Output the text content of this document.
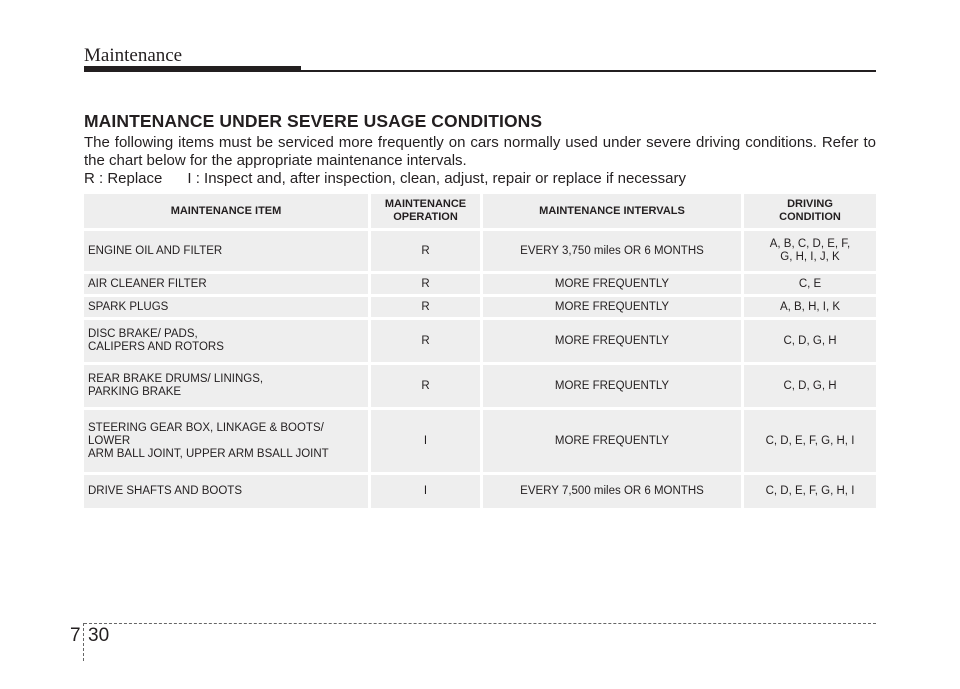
Maintenance
MAINTENANCE UNDER SEVERE USAGE CONDITIONS

The following items must be serviced more frequently on cars normally used under severe driving conditions. Refer to the chart below for the appropriate maintenance intervals.

R : Replace      I : Inspect and, after inspection, clean, adjust, repair or replace if necessary
MAINTENANCE ITEM	MAINTENANCE
OPERATION	MAINTENANCE INTERVALS	DRIVING
CONDITION
ENGINE OIL AND FILTER	R	EVERY 3,750 miles OR 6 MONTHS	A, B, C, D, E, F,
G, H, I, J, K
AIR CLEANER FILTER	R	MORE FREQUENTLY	C, E
SPARK PLUGS	R	MORE FREQUENTLY	A, B, H, I, K
DISC BRAKE/ PADS,
CALIPERS AND ROTORS	R	MORE FREQUENTLY	C, D, G, H
REAR BRAKE DRUMS/ LININGS,
PARKING BRAKE	R	MORE FREQUENTLY	C, D, G, H
STEERING GEAR BOX, LINKAGE & BOOTS/
LOWER
ARM BALL JOINT, UPPER ARM BSALL JOINT	I	MORE FREQUENTLY	C, D, E, F, G, H, I
DRIVE SHAFTS AND BOOTS	I	EVERY 7,500 miles OR 6 MONTHS	C, D, E, F, G, H, I
7 30
